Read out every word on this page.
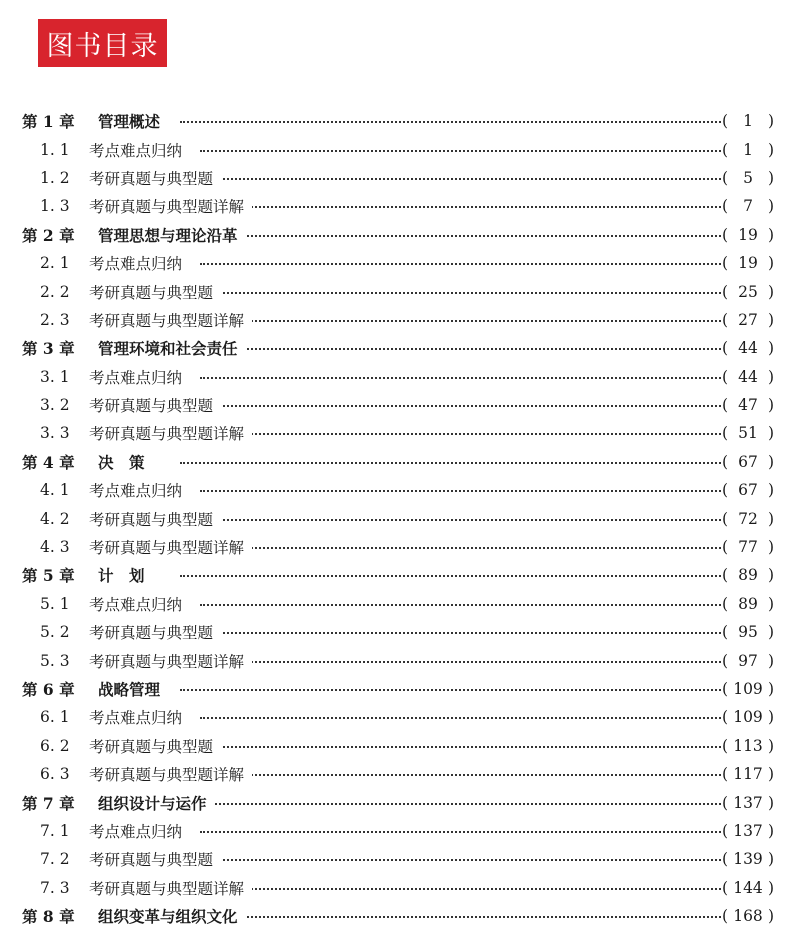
图书目录
第 1 章	管理概述	( 1 )
1. 1	考点难点归纳	( 1 )
1. 2	考研真题与典型题	( 5 )
1. 3	考研真题与典型题详解	( 7 )
第 2 章	管理思想与理论沿革	( 19 )
2. 1	考点难点归纳	( 19 )
2. 2	考研真题与典型题	( 25 )
2. 3	考研真题与典型题详解	( 27 )
第 3 章	管理环境和社会责任	( 44 )
3. 1	考点难点归纳	( 44 )
3. 2	考研真题与典型题	( 47 )
3. 3	考研真题与典型题详解	( 51 )
第 4 章	决　策	( 67 )
4. 1	考点难点归纳	( 67 )
4. 2	考研真题与典型题	( 72 )
4. 3	考研真题与典型题详解	( 77 )
第 5 章	计　划	( 89 )
5. 1	考点难点归纳	( 89 )
5. 2	考研真题与典型题	( 95 )
5. 3	考研真题与典型题详解	( 97 )
第 6 章	战略管理	( 109 )
6. 1	考点难点归纳	( 109 )
6. 2	考研真题与典型题	( 113 )
6. 3	考研真题与典型题详解	( 117 )
第 7 章	组织设计与运作	( 137 )
7. 1	考点难点归纳	( 137 )
7. 2	考研真题与典型题	( 139 )
7. 3	考研真题与典型题详解	( 144 )
第 8 章	组织变革与组织文化	( 168 )
